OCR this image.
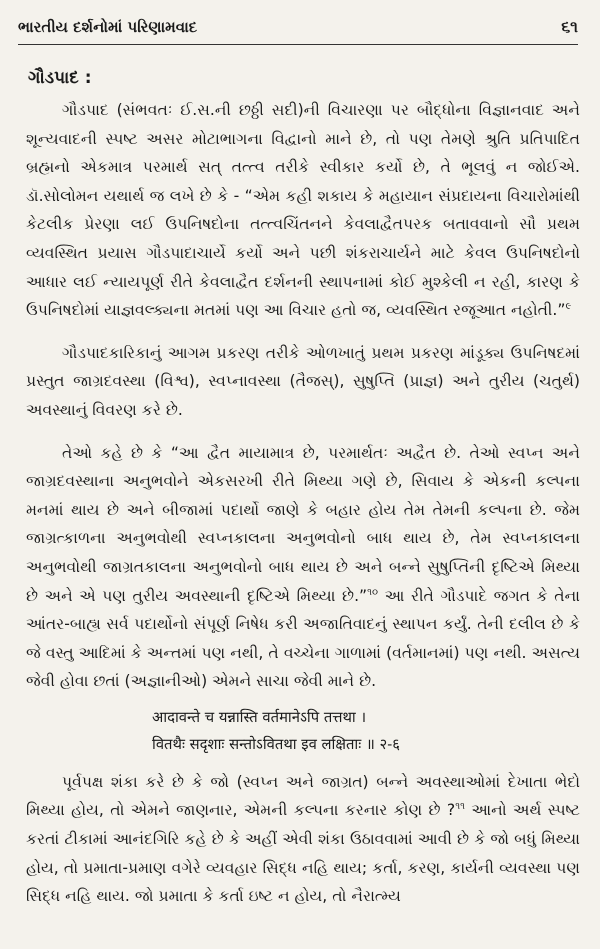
ભારતીય દર્શનોમાં પરિણામવાદ	૬૧
ગૌડપાદ :

ગૌડપાદ (સંભવતઃ ઈ.સ.ની છઠ્ઠી સદી)ની વિચારણા પર બૌદ્ધોના વિજ્ઞાનવાદ અને શૂન્યવાદની સ્પષ્ટ અસર મોટાભાગના વિદ્વાનો માને છે, તો પણ તેમણે શ્રુતિ પ્રતિપાદિત બ્રહ્મનો એકમાત્ર પરમાર્થ સત્ તત્ત્વ તરીકે સ્વીકાર કર્યો છે, તે ભૂલવું ન જોઈએ. ડૉ.સોલોમન યથાર્થ જ લખે છે કે - “એમ કહી શકાય કે મહાયાન સંપ્રદાયના વિચારોમાંથી કેટલીક પ્રેરણા લઈ ઉપનિષદોના તત્ત્વચિંતનને કેવલાદ્વૈતપરક બતાવવાનો સૌ પ્રથમ વ્યવસ્થિત પ્રયાસ ગૌડપાદાચાર્યે કર્યો અને પછી શંકરાચાર્યને માટે કેવલ ઉપનિષદોનો આધાર લઈ ન્યાયપૂર્ણ રીતે કેવલાદ્વૈત દર્શનની સ્થાપનામાં કોઈ મુશ્કેલી ન રહી, કારણ કે ઉપનિષદોમાં યાજ્ઞવલ્ક્યના મતમાં પણ આ વિચાર હતો જ, વ્યવસ્થિત રજૂઆત નહોતી.”$^૯$

ગૌડપાદકારિકાનું આગમ પ્રકરણ તરીકે ઓળખાતું પ્રથમ પ્રકરણ માંડૂક્ય ઉપનિષદમાં પ્રસ્તુત જાગ્રદવસ્થા (વિશ્વ), સ્વપ્નાવસ્થા (તૈજસ્), સુષુપ્તિ (પ્રાજ્ઞ) અને તુરીય (ચતુર્થ) અવસ્થાનું વિવરણ કરે છે.

તેઓ કહે છે કે “આ દ્વૈત માયામાત્ર છે, પરમાર્થતઃ અદ્વૈત છે. તેઓ સ્વપ્ન અને જાગ્રદવસ્થાના અનુભવોને એકસરખી રીતે મિથ્યા ગણે છે, સિવાય કે એકની કલ્પના મનમાં થાય છે અને બીજામાં પદાર્થો જાણે કે બહાર હોય તેમ તેમની કલ્પના છે. જેમ જાગ્રત્કાળના અનુભવોથી સ્વપ્નકાલના અનુભવોનો બાધ થાય છે, તેમ સ્વપ્નકાલના અનુભવોથી જાગ્રતકાલના અનુભવોનો બાધ થાય છે અને બન્ને સુષુપ્તિની દૃષ્ટિએ મિથ્યા છે અને એ પણ તુરીય અવસ્થાની દૃષ્ટિએ મિથ્યા છે.”$^{૧૦}$ આ રીતે ગૌડપાદે જગત કે તેના આંતર-બાહ્ય સર્વ પદાર્થોનો સંપૂર્ણ નિષેધ કરી અજાતિવાદનું સ્થાપન કર્યું. તેની દલીલ છે કે જે વસ્તુ આદિમાં કે અન્તમાં પણ નથી, તે વચ્ચેના ગાળામાં (વર્તમાનમાં) પણ નથી. અસત્ય જેવી હોવા છતાં (અજ્ઞાનીઓ) એમને સાચા જેવી માને છે.

आदावन्ते च यन्नास्ति वर्तमानेऽपि तत्तथा ।
वितथैः सदृशाः सन्तोऽवितथा इव लक्षिताः ॥ २-६

પૂર્વપક્ષ શંકા કરે છે કે જો (સ્વપ્ન અને જાગ્રત) બન્ને અવસ્થાઓમાં દેખાતા ભેદો મિથ્યા હોય, તો એમને જાણનાર, એમની કલ્પના કરનાર કોણ છે ?$^{૧૧}$ આનો અર્થ સ્પષ્ટ કરતાં ટીકામાં આનંદગિરિ કહે છે કે અહીં એવી શંકા ઉઠાવવામાં આવી છે કે જો બધું મિથ્યા હોય, તો પ્રમાતા-પ્રમાણ વગેરે વ્યવહાર સિદ્ધ નહિ થાય; કર્તા, કરણ, કાર્યની વ્યવસ્થા પણ સિદ્ધ નહિ થાય. જો પ્રમાતા કે કર્તા ઇષ્ટ ન હોય, તો નૈરાત્મ્ય
